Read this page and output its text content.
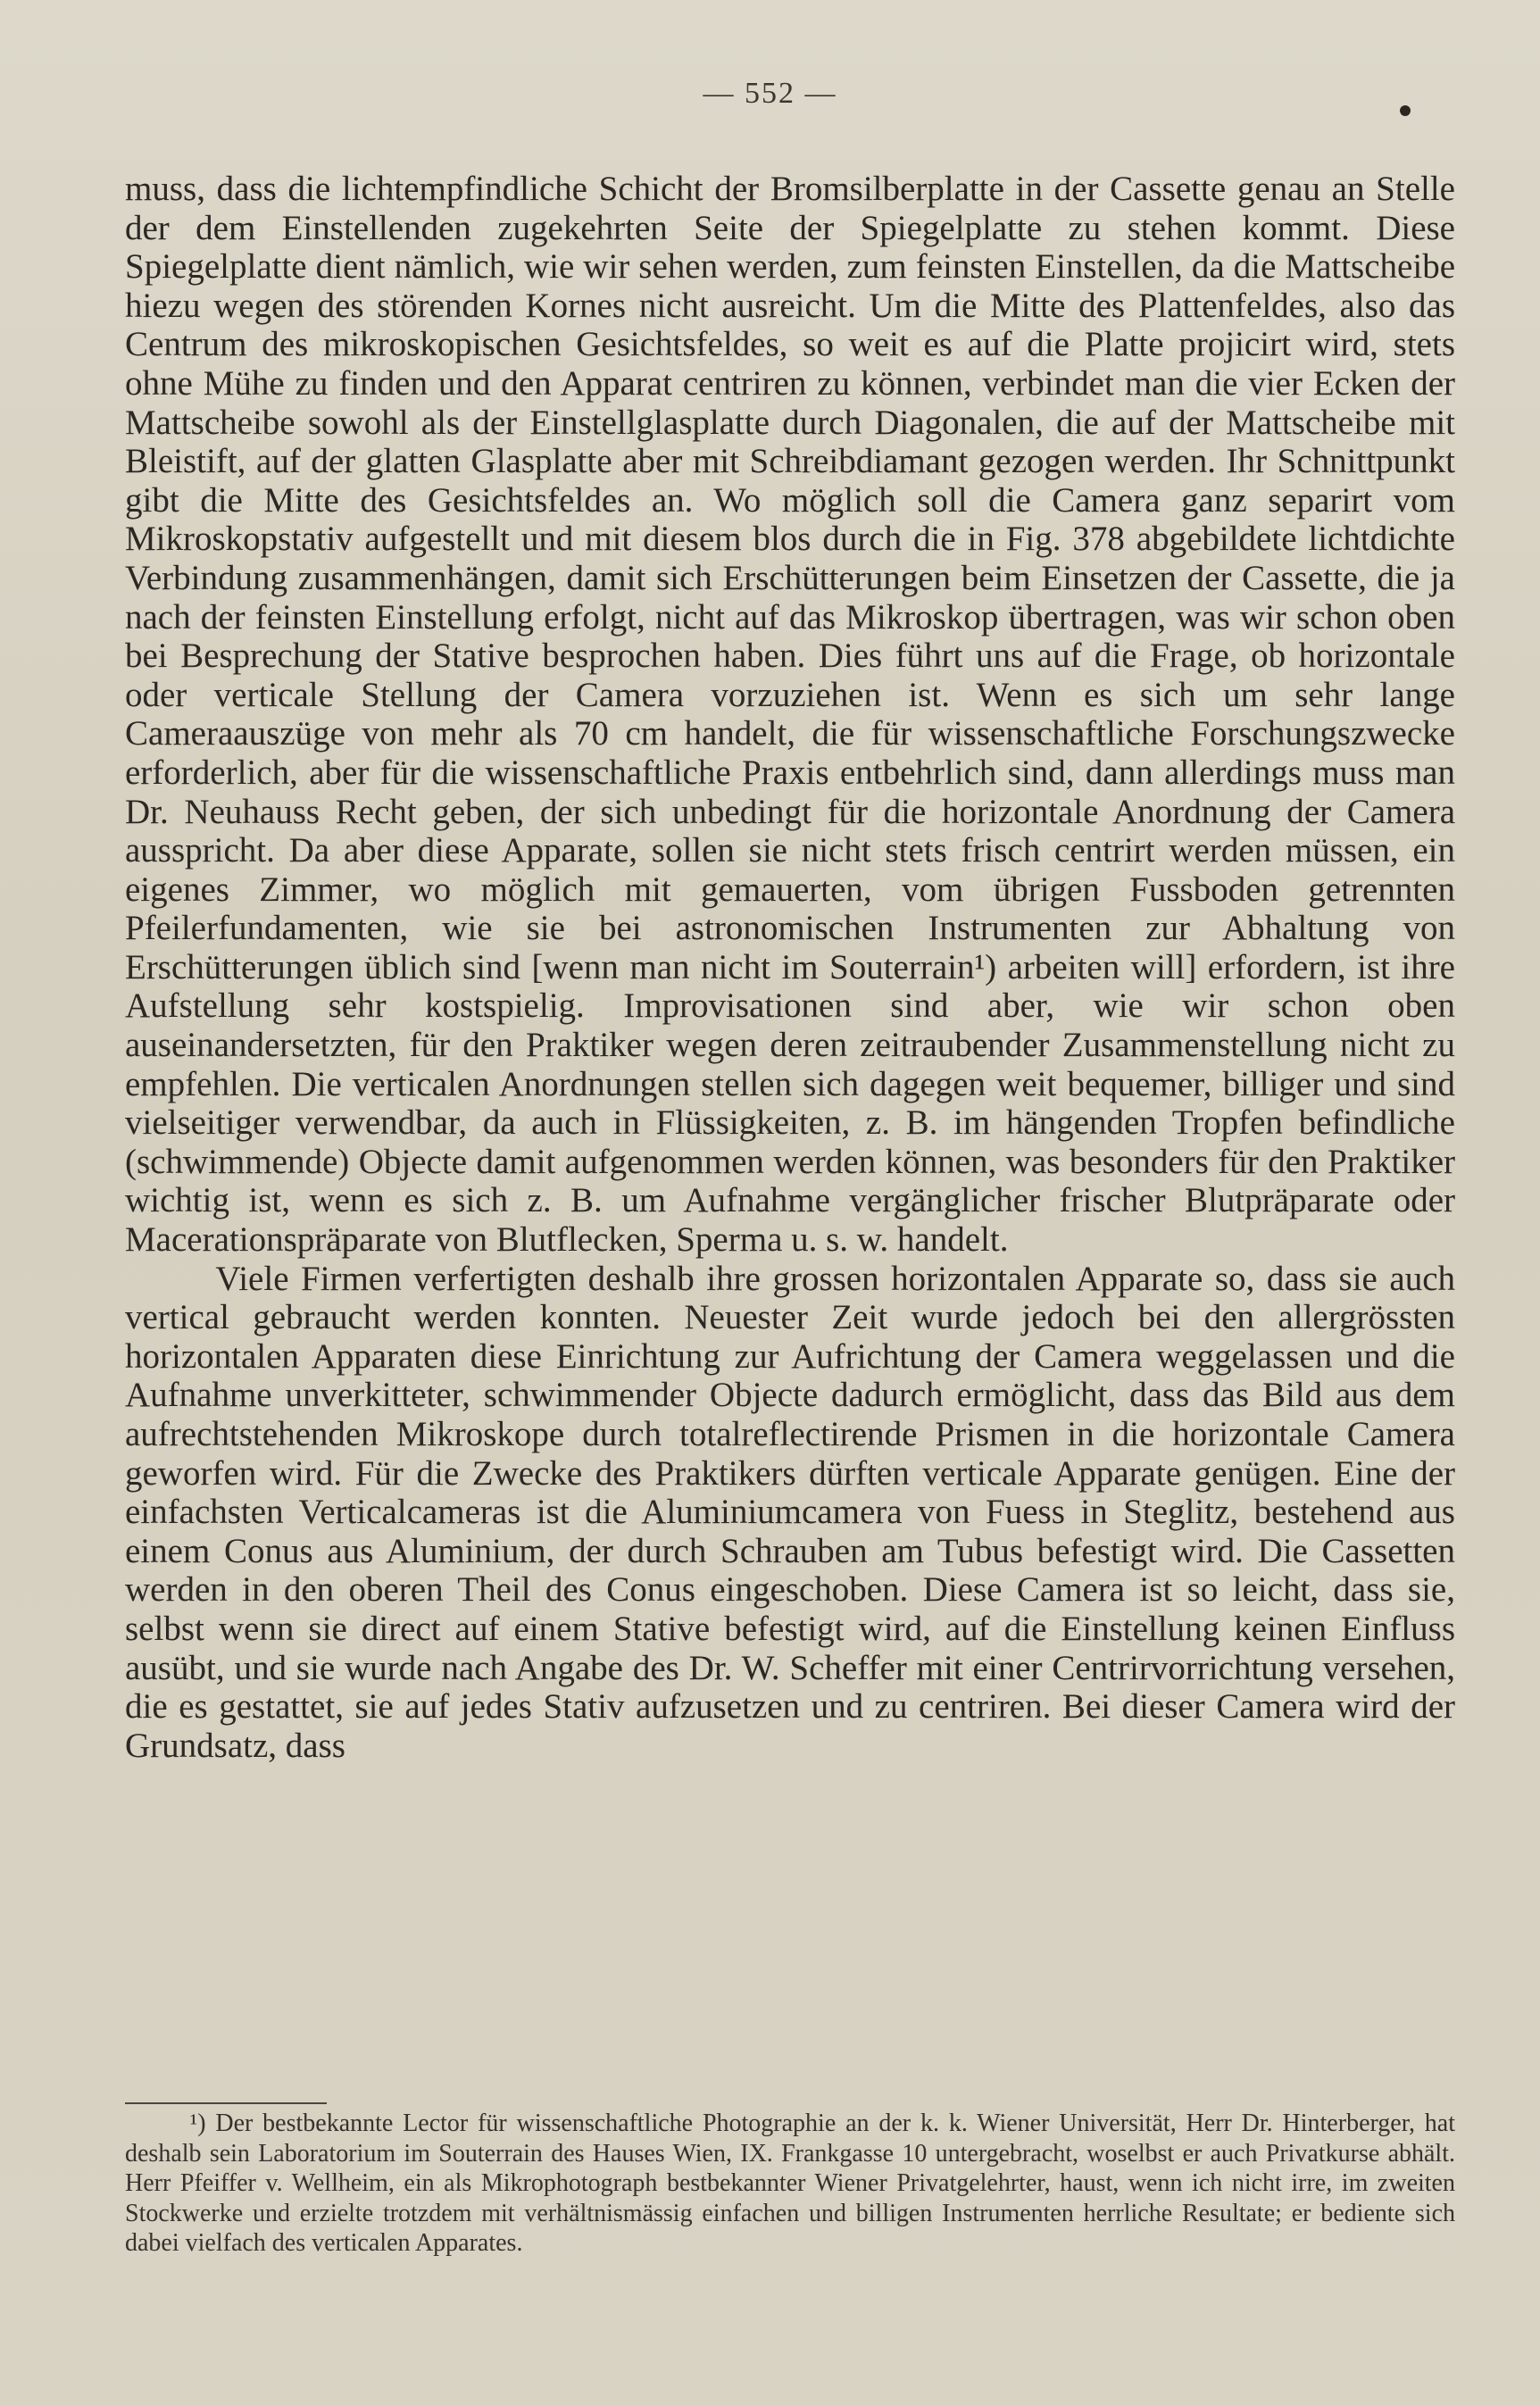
— 552 —

muss, dass die lichtempfindliche Schicht der Bromsilberplatte in der Cassette genau an Stelle der dem Einstellenden zugekehrten Seite der Spiegelplatte zu stehen kommt. Diese Spiegelplatte dient nämlich, wie wir sehen werden, zum feinsten Einstellen, da die Mattscheibe hiezu wegen des störenden Kornes nicht ausreicht. Um die Mitte des Plattenfeldes, also das Centrum des mikroskopischen Gesichtsfeldes, so weit es auf die Platte projicirt wird, stets ohne Mühe zu finden und den Apparat centriren zu können, verbindet man die vier Ecken der Mattscheibe sowohl als der Einstellglasplatte durch Diagonalen, die auf der Mattscheibe mit Bleistift, auf der glatten Glasplatte aber mit Schreibdiamant gezogen werden. Ihr Schnittpunkt gibt die Mitte des Gesichtsfeldes an. Wo möglich soll die Camera ganz separirt vom Mikroskopstativ aufgestellt und mit diesem blos durch die in Fig. 378 abgebildete lichtdichte Verbindung zusammenhängen, damit sich Erschütterungen beim Einsetzen der Cassette, die ja nach der feinsten Einstellung erfolgt, nicht auf das Mikroskop übertragen, was wir schon oben bei Besprechung der Stative besprochen haben. Dies führt uns auf die Frage, ob horizontale oder verticale Stellung der Camera vorzuziehen ist. Wenn es sich um sehr lange Cameraauszüge von mehr als 70 cm handelt, die für wissenschaftliche Forschungszwecke erforderlich, aber für die wissenschaftliche Praxis entbehrlich sind, dann allerdings muss man Dr. Neuhauss Recht geben, der sich unbedingt für die horizontale Anordnung der Camera ausspricht. Da aber diese Apparate, sollen sie nicht stets frisch centrirt werden müssen, ein eigenes Zimmer, wo möglich mit gemauerten, vom übrigen Fussboden getrennten Pfeilerfundamenten, wie sie bei astronomischen Instrumenten zur Abhaltung von Erschütterungen üblich sind [wenn man nicht im Souterrain¹) arbeiten will] erfordern, ist ihre Aufstellung sehr kostspielig. Improvisationen sind aber, wie wir schon oben auseinandersetzten, für den Praktiker wegen deren zeitraubender Zusammenstellung nicht zu empfehlen. Die verticalen Anordnungen stellen sich dagegen weit bequemer, billiger und sind vielseitiger verwendbar, da auch in Flüssigkeiten, z. B. im hängenden Tropfen befindliche (schwimmende) Objecte damit aufgenommen werden können, was besonders für den Praktiker wichtig ist, wenn es sich z. B. um Aufnahme vergänglicher frischer Blutpräparate oder Macerationspräparate von Blutflecken, Sperma u. s. w. handelt.

Viele Firmen verfertigten deshalb ihre grossen horizontalen Apparate so, dass sie auch vertical gebraucht werden konnten. Neuester Zeit wurde jedoch bei den allergrössten horizontalen Apparaten diese Einrichtung zur Aufrichtung der Camera weggelassen und die Aufnahme unverkitteter, schwimmender Objecte dadurch ermöglicht, dass das Bild aus dem aufrechtstehenden Mikroskope durch totalreflectirende Prismen in die horizontale Camera geworfen wird. Für die Zwecke des Praktikers dürften verticale Apparate genügen. Eine der einfachsten Verticalcameras ist die Aluminiumcamera von Fuess in Steglitz, bestehend aus einem Conus aus Aluminium, der durch Schrauben am Tubus befestigt wird. Die Cassetten werden in den oberen Theil des Conus eingeschoben. Diese Camera ist so leicht, dass sie, selbst wenn sie direct auf einem Stative befestigt wird, auf die Einstellung keinen Einfluss ausübt, und sie wurde nach Angabe des Dr. W. Scheffer mit einer Centrirvorrichtung versehen, die es gestattet, sie auf jedes Stativ aufzusetzen und zu centriren. Bei dieser Camera wird der Grundsatz, dass

¹) Der bestbekannte Lector für wissenschaftliche Photographie an der k. k. Wiener Universität, Herr Dr. Hinterberger, hat deshalb sein Laboratorium im Souterrain des Hauses Wien, IX. Frankgasse 10 untergebracht, woselbst er auch Privatkurse abhält. Herr Pfeiffer v. Wellheim, ein als Mikrophotograph bestbekannter Wiener Privatgelehrter, haust, wenn ich nicht irre, im zweiten Stockwerke und erzielte trotzdem mit verhältnismässig einfachen und billigen Instrumenten herrliche Resultate; er bediente sich dabei vielfach des verticalen Apparates.
